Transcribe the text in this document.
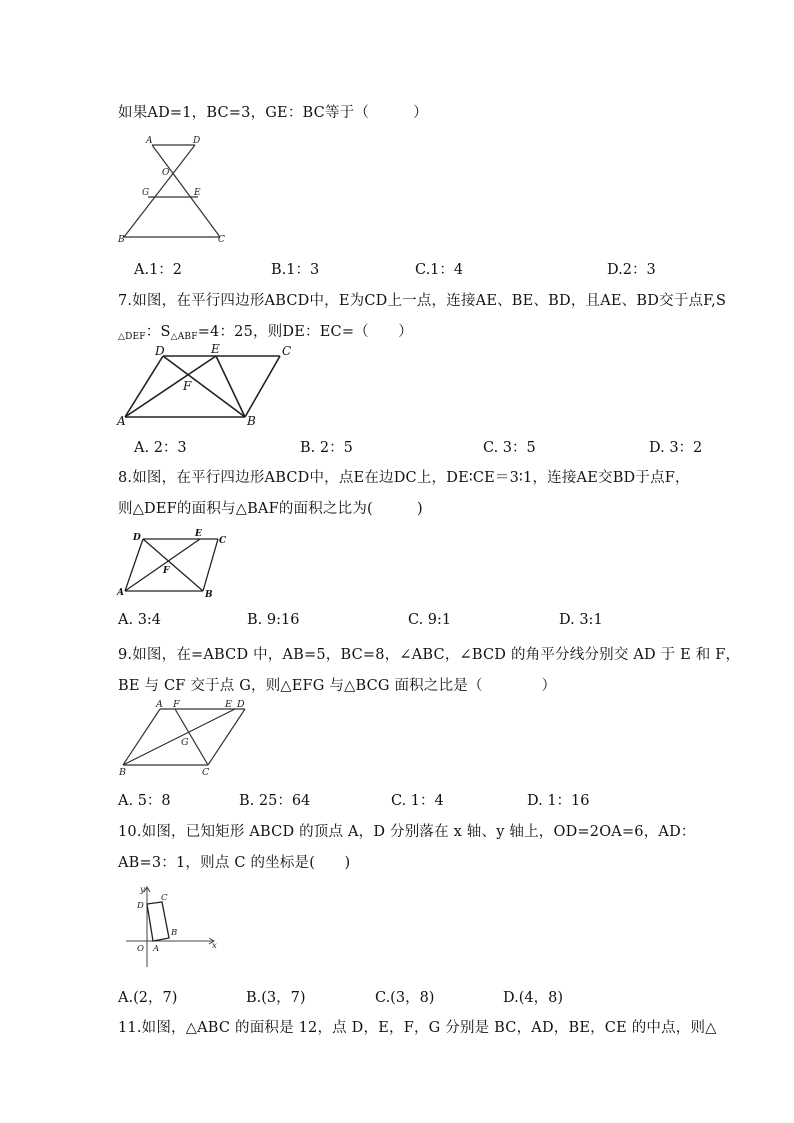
如果AD=1，BC=3，GE：BC等于（　　　）
A	D
O
G	E
B	C
A.1：2	B.1：3	C.1：4	D.2：3
7.如图，在平行四边形ABCD中，E为CD上一点，连接AE、BE、BD，且AE、BD交于点F,S
$_{\triangle DEF}$：$S_{\triangle ABF}=4$：25，则DE：EC=（　　）
D	E	C
F
A	B
A. 2：3	B. 2：5	C. 3：5	D. 3：2
8.如图，在平行四边形ABCD中，点E在边DC上，DE∶CE＝3∶1，连接AE交BD于点F，
则△DEF的面积与△BAF的面积之比为(　　　)
D	E
C
F
A	B
A. 3:4	B. 9:16	C. 9:1	D. 3:1
9.如图，在=ABCD 中，AB=5，BC=8，∠ABC，∠BCD 的角平分线分别交 AD 于 E 和 F，
BE 与 CF 交于点 G，则△EFG 与△BCG 面积之比是（　　　　）
A F	E D
G
B	C
A. 5：8	B. 25：64	C. 1：4	D. 1：16
10.如图，已知矩形 ABCD 的顶点 A，D 分别落在 x 轴、y 轴上，OD=2OA=6，AD：
AB=3：1，则点 C 的坐标是(　　)
y
x
C
D
B
O A
A.(2，7)	B.(3，7)	C.(3，8)	D.(4，8)
11.如图，△ABC 的面积是 12，点 D，E，F，G 分别是 BC，AD，BE，CE 的中点，则△
